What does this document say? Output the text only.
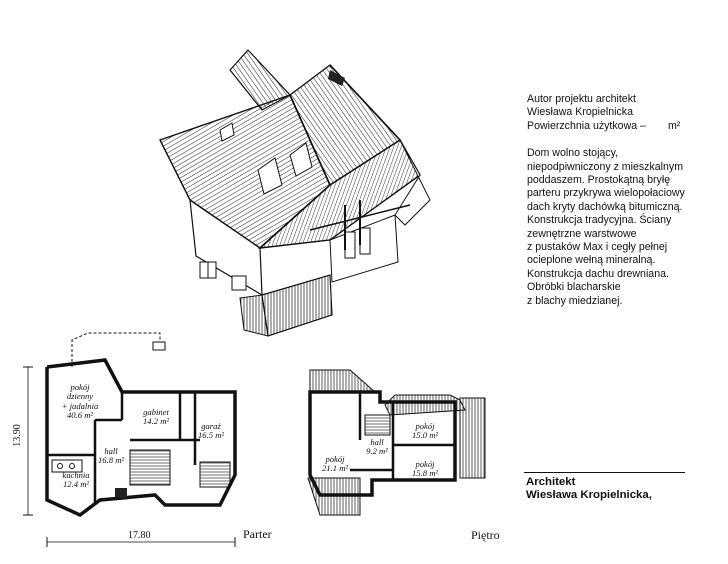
pokój
dzienny
+ jadalnia
40.6 m²	gabinet
14.2 m²	garaż
16.5 m²
hall
16.8 m²
kuchnia
12.4 m²
Parter
17.80
13.90	pokój
15.0 m²
pokój
15.8 m²
pokój
21.1 m²
hall
9.2 m²
Piętro

Autor projektu architekt

Wiesława Kropielnicka

Powierzchnia użytkowa – m²

Dom wolno stojący,

niepodpiwniczony z mieszkalnym

poddaszem. Prostokątną bryłę

parteru przykrywa wielopołaciowy

dach kryty dachówką bitumiczną.

Konstrukcja tradycyjna. Ściany

zewnętrzne warstwowe

z pustaków Max i cegły pełnej

ocieplone wełną mineralną.

Konstrukcja dachu drewniana.

Obróbki blacharskie

z blachy miedzianej.

Architekt
Wiesława Kropielnicka,
